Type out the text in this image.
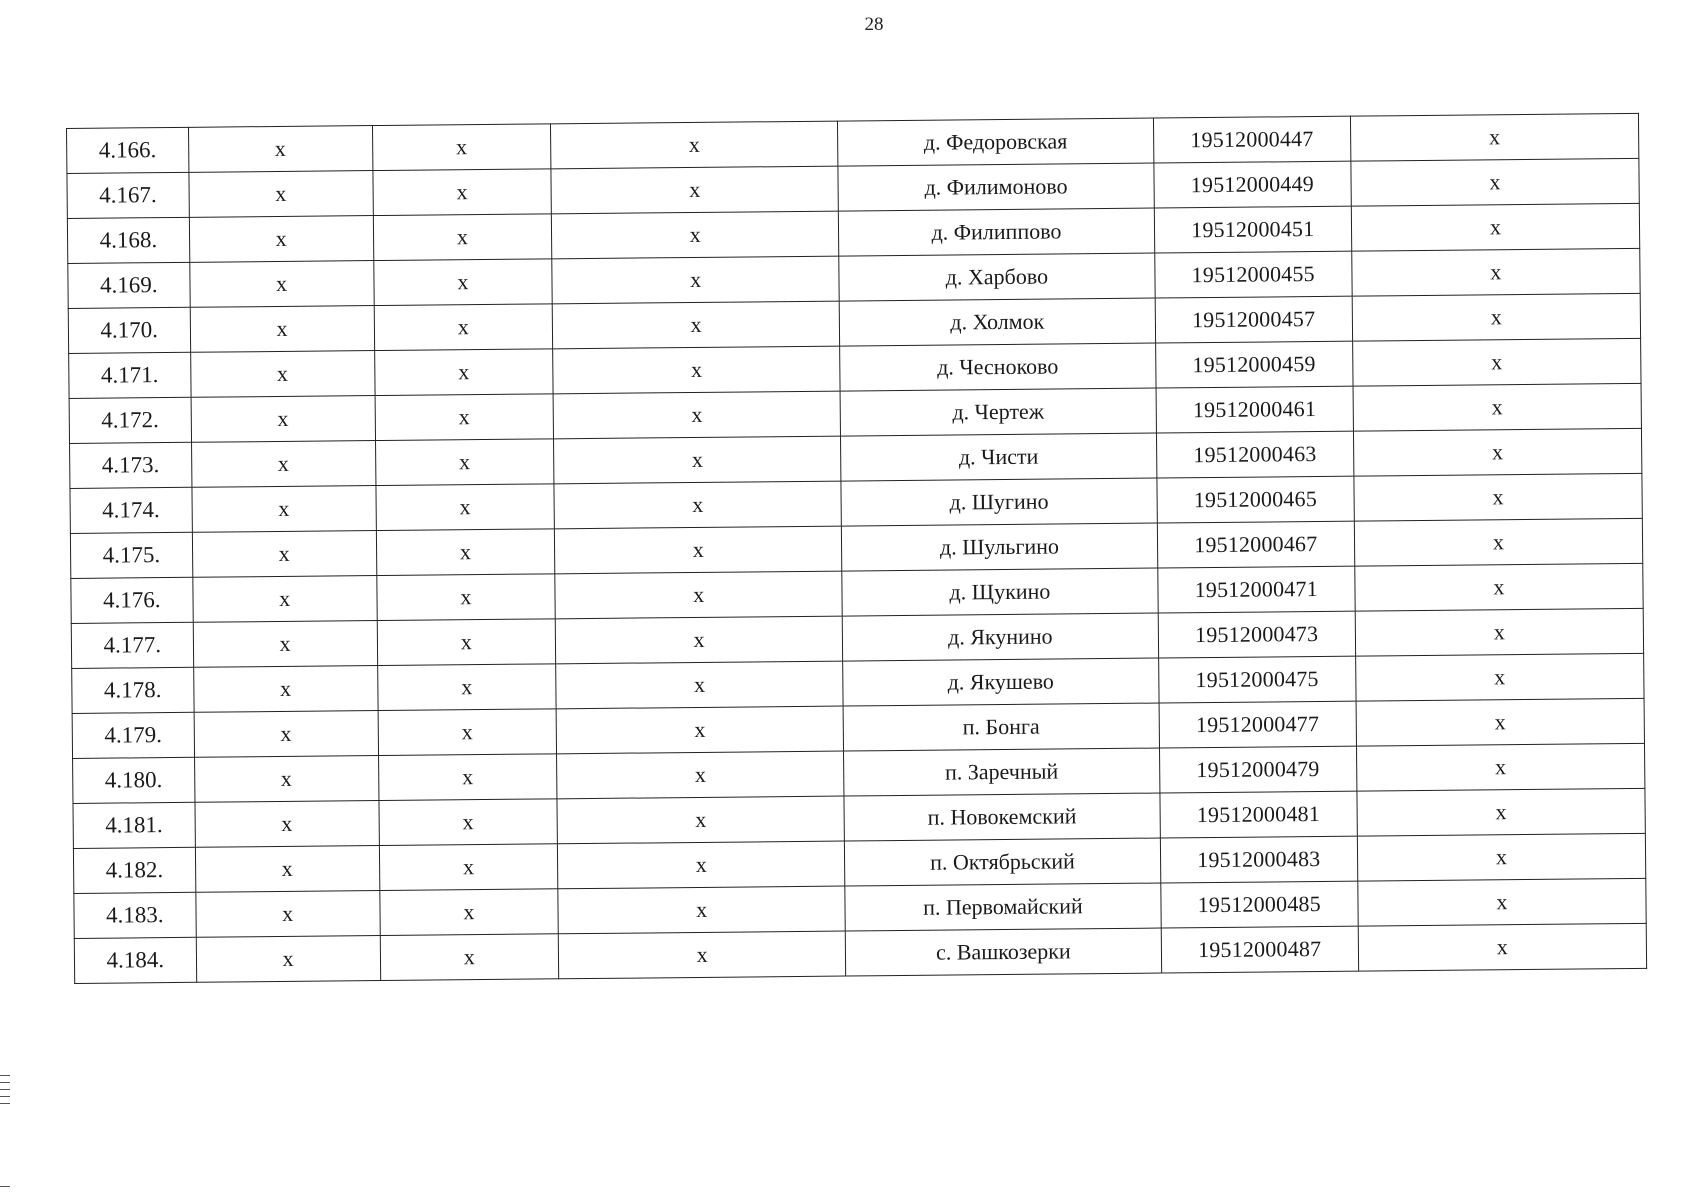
28
4.166.	x	x	x	д. Федоровская	19512000447	x
4.167.	x	x	x	д. Филимоново	19512000449	x
4.168.	x	x	x	д. Филиппово	19512000451	x
4.169.	x	x	x	д. Харбово	19512000455	x
4.170.	x	x	x	д. Холмок	19512000457	x
4.171.	x	x	x	д. Чесноково	19512000459	x
4.172.	x	x	x	д. Чертеж	19512000461	x
4.173.	x	x	x	д. Чисти	19512000463	x
4.174.	x	x	x	д. Шугино	19512000465	x
4.175.	x	x	x	д. Шульгино	19512000467	x
4.176.	x	x	x	д. Щукино	19512000471	x
4.177.	x	x	x	д. Якунино	19512000473	x
4.178.	x	x	x	д. Якушево	19512000475	x
4.179.	x	x	x	п. Бонга	19512000477	x
4.180.	x	x	x	п. Заречный	19512000479	x
4.181.	x	x	x	п. Новокемский	19512000481	x
4.182.	x	x	x	п. Октябрьский	19512000483	x
4.183.	x	x	x	п. Первомайский	19512000485	x
4.184.	x	x	x	с. Вашкозерки	19512000487	x
